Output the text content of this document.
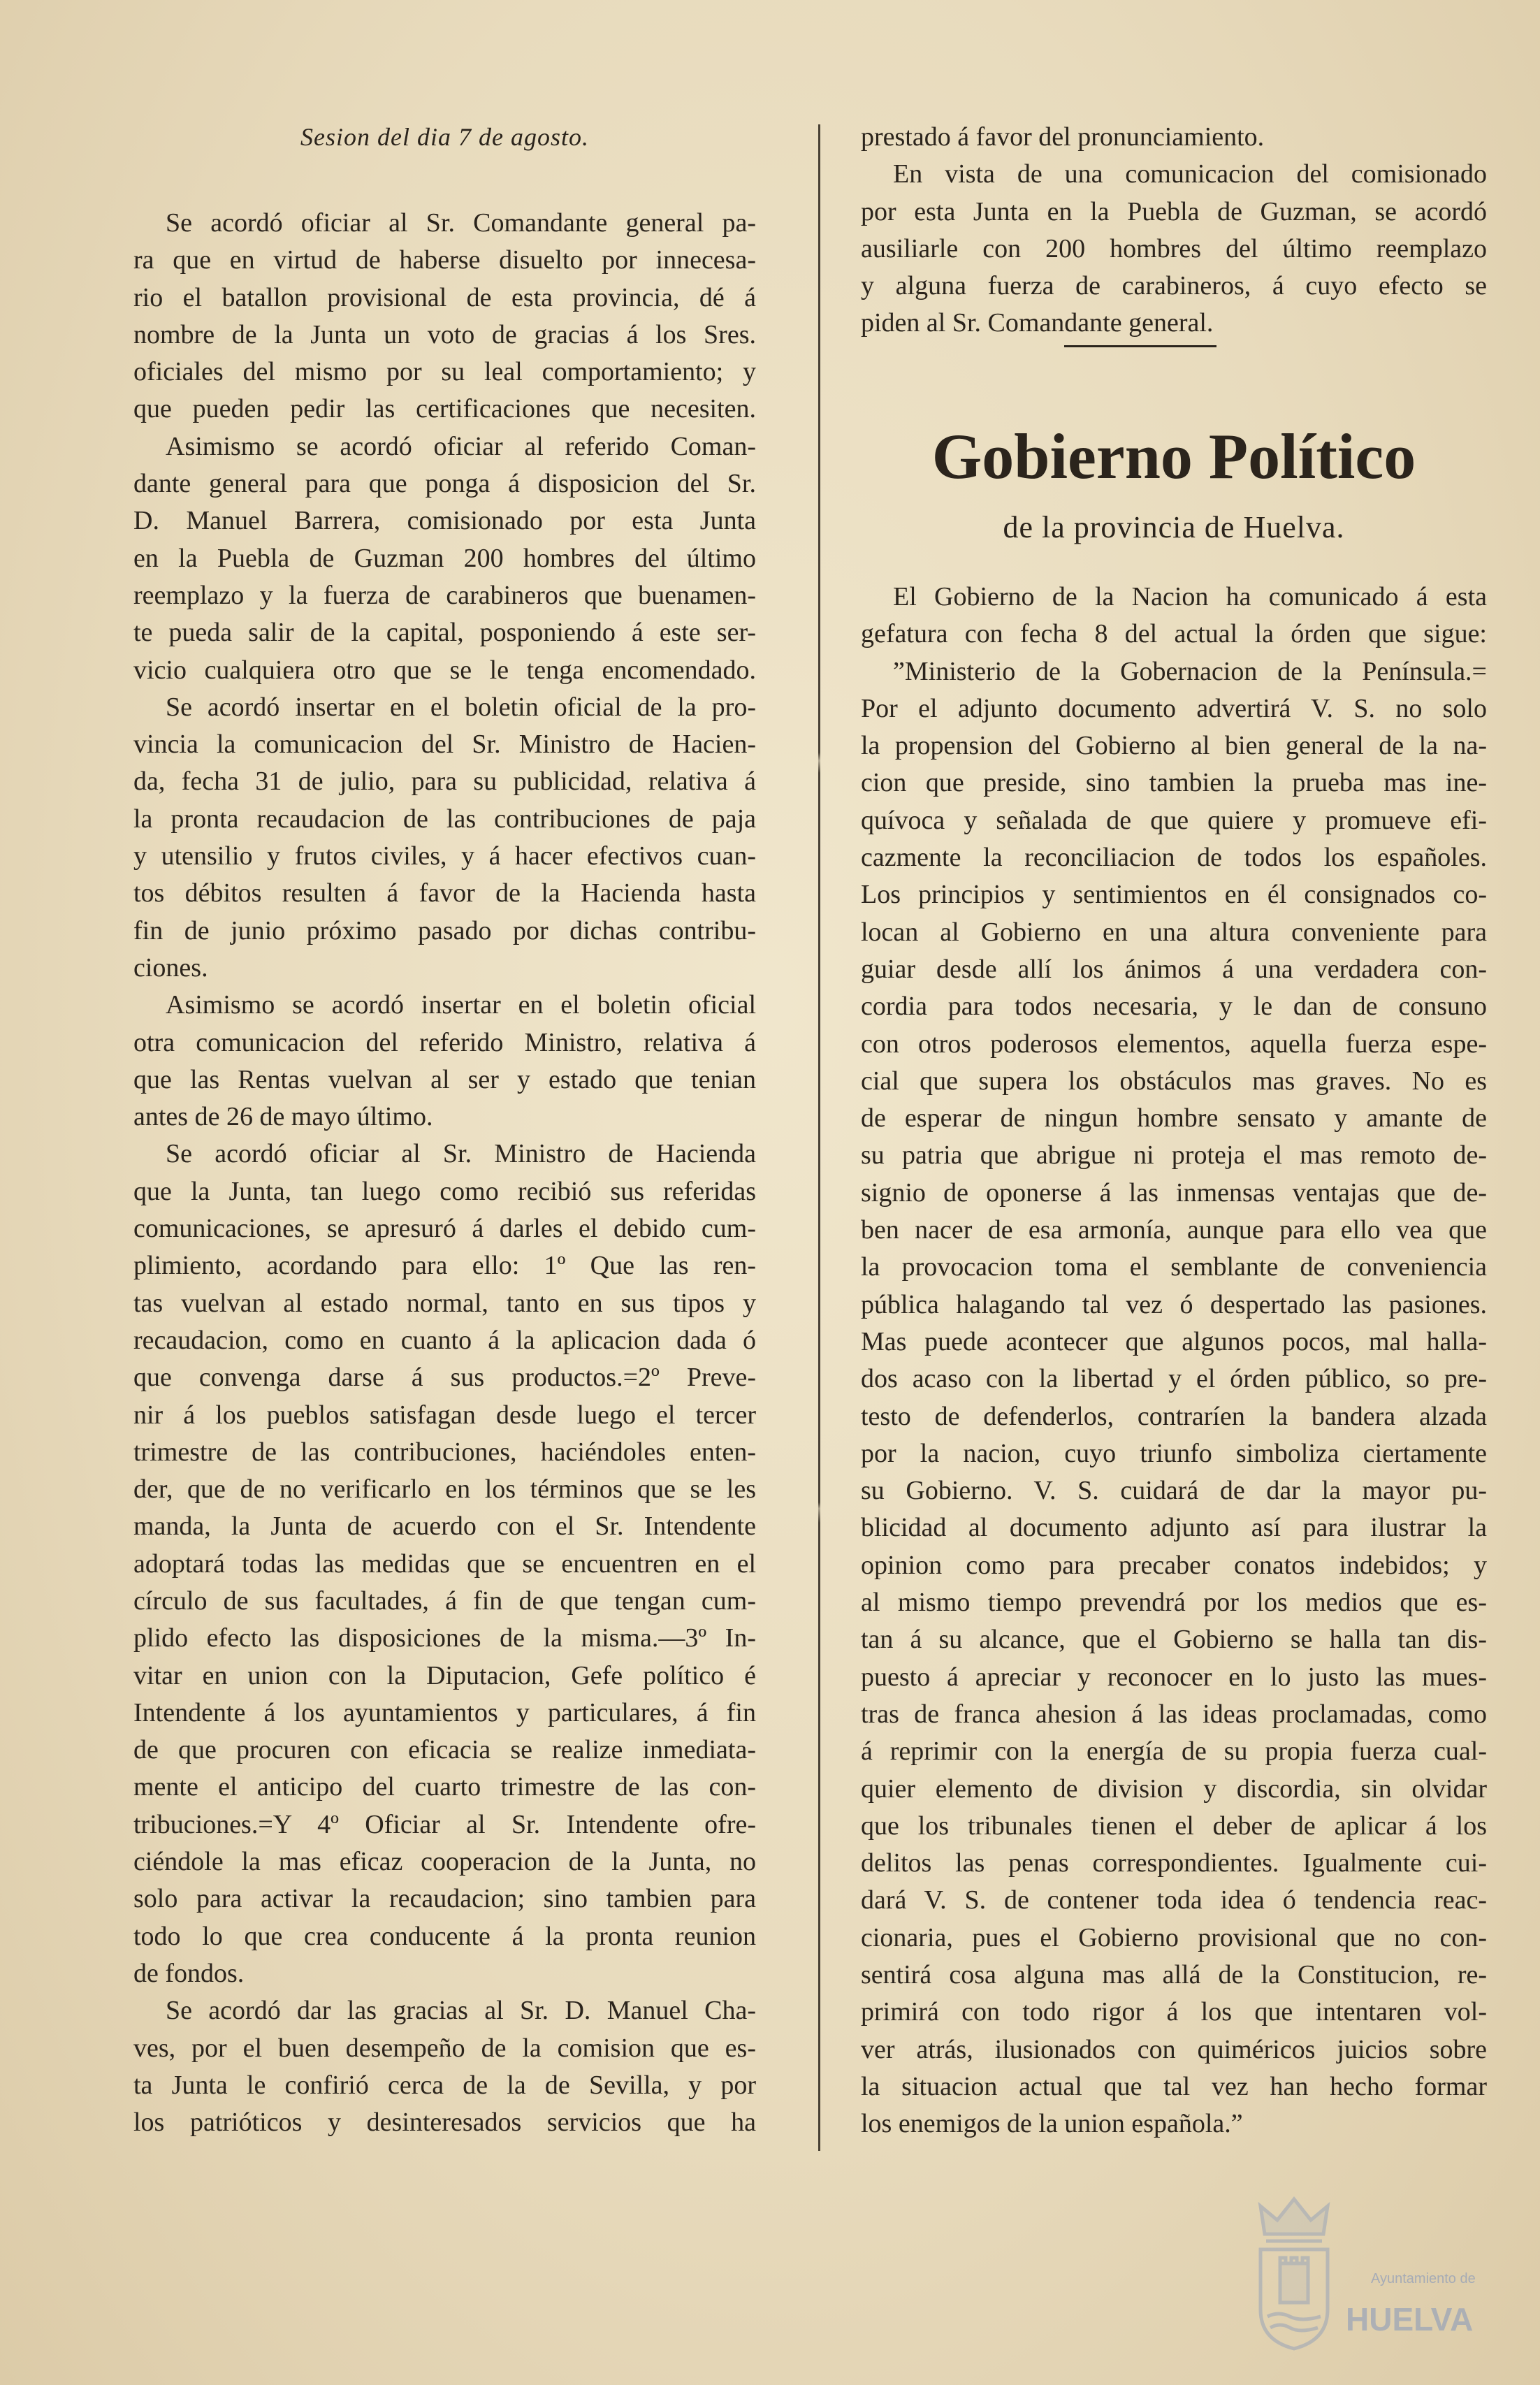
Sesion del dia 7 de agosto.
Se acordó oficiar al Sr. Comandante general pa-
ra que en virtud de haberse disuelto por innecesa-
rio el batallon provisional de esta provincia, dé á
nombre de la Junta un voto de gracias á los Sres.
oficiales del mismo por su leal comportamiento; y
que pueden pedir las certificaciones que necesiten.
Asimismo se acordó oficiar al referido Coman-
dante general para que ponga á disposicion del Sr.
D. Manuel Barrera, comisionado por esta Junta
en la Puebla de Guzman 200 hombres del último
reemplazo y la fuerza de carabineros que buenamen-
te pueda salir de la capital, posponiendo á este ser-
vicio cualquiera otro que se le tenga encomendado.
Se acordó insertar en el boletin oficial de la pro-
vincia la comunicacion del Sr. Ministro de Hacien-
da, fecha 31 de julio, para su publicidad, relativa á
la pronta recaudacion de las contribuciones de paja
y utensilio y frutos civiles, y á hacer efectivos cuan-
tos débitos resulten á favor de la Hacienda hasta
fin de junio próximo pasado por dichas contribu-
ciones.
Asimismo se acordó insertar en el boletin oficial
otra comunicacion del referido Ministro, relativa á
que las Rentas vuelvan al ser y estado que tenian
antes de 26 de mayo último.
Se acordó oficiar al Sr. Ministro de Hacienda
que la Junta, tan luego como recibió sus referidas
comunicaciones, se apresuró á darles el debido cum-
plimiento, acordando para ello: 1º Que las ren-
tas vuelvan al estado normal, tanto en sus tipos y
recaudacion, como en cuanto á la aplicacion dada ó
que convenga darse á sus productos.=2º Preve-
nir á los pueblos satisfagan desde luego el tercer
trimestre de las contribuciones, haciéndoles enten-
der, que de no verificarlo en los términos que se les
manda, la Junta de acuerdo con el Sr. Intendente
adoptará todas las medidas que se encuentren en el
círculo de sus facultades, á fin de que tengan cum-
plido efecto las disposiciones de la misma.—3º In-
vitar en union con la Diputacion, Gefe político é
Intendente á los ayuntamientos y particulares, á fin
de que procuren con eficacia se realize inmediata-
mente el anticipo del cuarto trimestre de las con-
tribuciones.=Y 4º Oficiar al Sr. Intendente ofre-
ciéndole la mas eficaz cooperacion de la Junta, no
solo para activar la recaudacion; sino tambien para
todo lo que crea conducente á la pronta reunion
de fondos.
Se acordó dar las gracias al Sr. D. Manuel Cha-
ves, por el buen desempeño de la comision que es-
ta Junta le confirió cerca de la de Sevilla, y por
los patrióticos y desinteresados servicios que ha
prestado á favor del pronunciamiento.
En vista de una comunicacion del comisionado
por esta Junta en la Puebla de Guzman, se acordó
ausiliarle con 200 hombres del último reemplazo
y alguna fuerza de carabineros, á cuyo efecto se
piden al Sr. Comandante general.
Gobierno Político
de la provincia de Huelva.
El Gobierno de la Nacion ha comunicado á esta
gefatura con fecha 8 del actual la órden que sigue:
”Ministerio de la Gobernacion de la Península.=
Por el adjunto documento advertirá V. S. no solo
la propension del Gobierno al bien general de la na-
cion que preside, sino tambien la prueba mas ine-
quívoca y señalada de que quiere y promueve efi-
cazmente la reconciliacion de todos los españoles.
Los principios y sentimientos en él consignados co-
locan al Gobierno en una altura conveniente para
guiar desde allí los ánimos á una verdadera con-
cordia para todos necesaria, y le dan de consuno
con otros poderosos elementos, aquella fuerza espe-
cial que supera los obstáculos mas graves. No es
de esperar de ningun hombre sensato y amante de
su patria que abrigue ni proteja el mas remoto de-
signio de oponerse á las inmensas ventajas que de-
ben nacer de esa armonía, aunque para ello vea que
la provocacion toma el semblante de conveniencia
pública halagando tal vez ó despertado las pasiones.
Mas puede acontecer que algunos pocos, mal halla-
dos acaso con la libertad y el órden público, so pre-
testo de defenderlos, contraríen la bandera alzada
por la nacion, cuyo triunfo simboliza ciertamente
su Gobierno. V. S. cuidará de dar la mayor pu-
blicidad al documento adjunto así para ilustrar la
opinion como para precaber conatos indebidos; y
al mismo tiempo prevendrá por los medios que es-
tan á su alcance, que el Gobierno se halla tan dis-
puesto á apreciar y reconocer en lo justo las mues-
tras de franca ahesion á las ideas proclamadas, como
á reprimir con la energía de su propia fuerza cual-
quier elemento de division y discordia, sin olvidar
que los tribunales tienen el deber de aplicar á los
delitos las penas correspondientes. Igualmente cui-
dará V. S. de contener toda idea ó tendencia reac-
cionaria, pues el Gobierno provisional que no con-
sentirá cosa alguna mas allá de la Constitucion, re-
primirá con todo rigor á los que intentaren vol-
ver atrás, ilusionados con quiméricos juicios sobre
la situacion actual que tal vez han hecho formar
los enemigos de la union española.”
Ayuntamiento de
HUELVA
